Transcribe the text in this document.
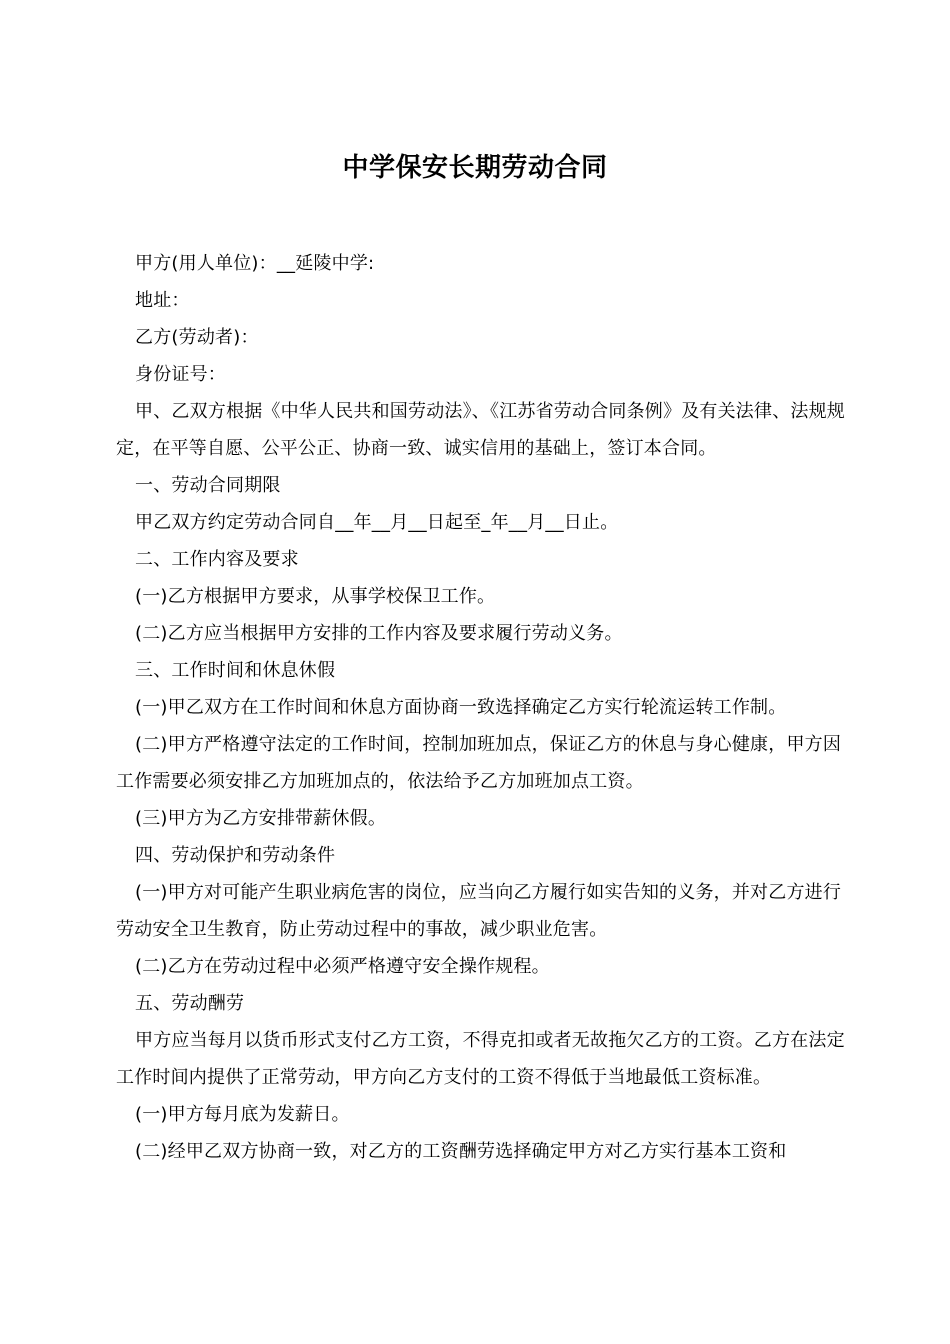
中学保安长期劳动合同

甲方(用人单位)：__延陵中学:

地址：

乙方(劳动者)：

身份证号：

甲、乙双方根据《中华人民共和国劳动法》、《江苏省劳动合同条例》及有关法律、法规规定，在平等自愿、公平公正、协商一致、诚实信用的基础上，签订本合同。

一、劳动合同期限

甲乙双方约定劳动合同自__年__月__日起至_年__月__日止。

二、工作内容及要求

(一)乙方根据甲方要求，从事学校保卫工作。

(二)乙方应当根据甲方安排的工作内容及要求履行劳动义务。

三、工作时间和休息休假

(一)甲乙双方在工作时间和休息方面协商一致选择确定乙方实行轮流运转工作制。

(二)甲方严格遵守法定的工作时间，控制加班加点，保证乙方的休息与身心健康，甲方因工作需要必须安排乙方加班加点的，依法给予乙方加班加点工资。

(三)甲方为乙方安排带薪休假。

四、劳动保护和劳动条件

(一)甲方对可能产生职业病危害的岗位，应当向乙方履行如实告知的义务，并对乙方进行劳动安全卫生教育，防止劳动过程中的事故，减少职业危害。

(二)乙方在劳动过程中必须严格遵守安全操作规程。

五、劳动酬劳

甲方应当每月以货币形式支付乙方工资，不得克扣或者无故拖欠乙方的工资。乙方在法定工作时间内提供了正常劳动，甲方向乙方支付的工资不得低于当地最低工资标准。

(一)甲方每月底为发薪日。

(二)经甲乙双方协商一致，对乙方的工资酬劳选择确定甲方对乙方实行基本工资和
